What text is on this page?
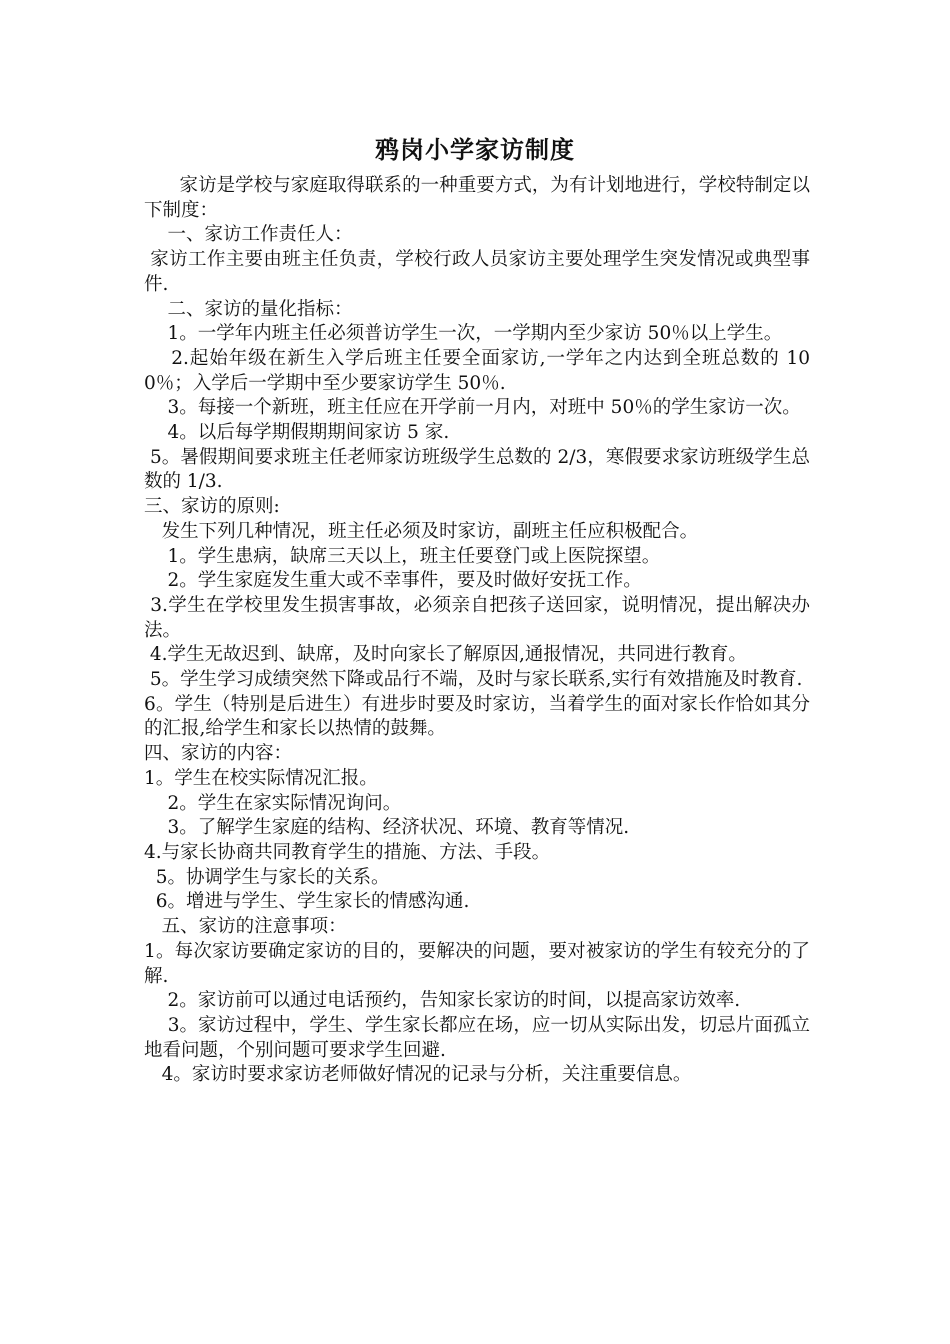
鸦岗小学家访制度

家访是学校与家庭取得联系的一种重要方式，为有计划地进行，学校特制定以下制度：

一、家访工作责任人：

家访工作主要由班主任负责，学校行政人员家访主要处理学生突发情况或典型事件.

二、家访的量化指标：

1。一学年内班主任必须普访学生一次，一学期内至少家访 50％以上学生。

2.起始年级在新生入学后班主任要全面家访,一学年之内达到全班总数的 100％；入学后一学期中至少要家访学生 50％.

3。每接一个新班，班主任应在开学前一月内，对班中 50％的学生家访一次。

4。以后每学期假期期间家访 5 家.

5。暑假期间要求班主任老师家访班级学生总数的 2/3，寒假要求家访班级学生总数的 1/3.

三、家访的原则:

发生下列几种情况，班主任必须及时家访，副班主任应积极配合。

1。学生患病，缺席三天以上，班主任要登门或上医院探望。

2。学生家庭发生重大或不幸事件，要及时做好安抚工作。

3.学生在学校里发生损害事故，必须亲自把孩子送回家，说明情况，提出解决办法。

4.学生无故迟到、缺席，及时向家长了解原因,通报情况，共同进行教育。

5。学生学习成绩突然下降或品行不端，及时与家长联系,实行有效措施及时教育.

6。学生（特别是后进生）有进步时要及时家访，当着学生的面对家长作恰如其分的汇报,给学生和家长以热情的鼓舞。

四、家访的内容：

1。学生在校实际情况汇报。

2。学生在家实际情况询问。

3。了解学生家庭的结构、经济状况、环境、教育等情况.

4.与家长协商共同教育学生的措施、方法、手段。

5。协调学生与家长的关系。

6。增进与学生、学生家长的情感沟通.

五、家访的注意事项：

1。每次家访要确定家访的目的，要解决的问题，要对被家访的学生有较充分的了解.

2。家访前可以通过电话预约，告知家长家访的时间，以提高家访效率.

3。家访过程中，学生、学生家长都应在场，应一切从实际出发，切忌片面孤立地看问题，个别问题可要求学生回避.

4。家访时要求家访老师做好情况的记录与分析，关注重要信息。
